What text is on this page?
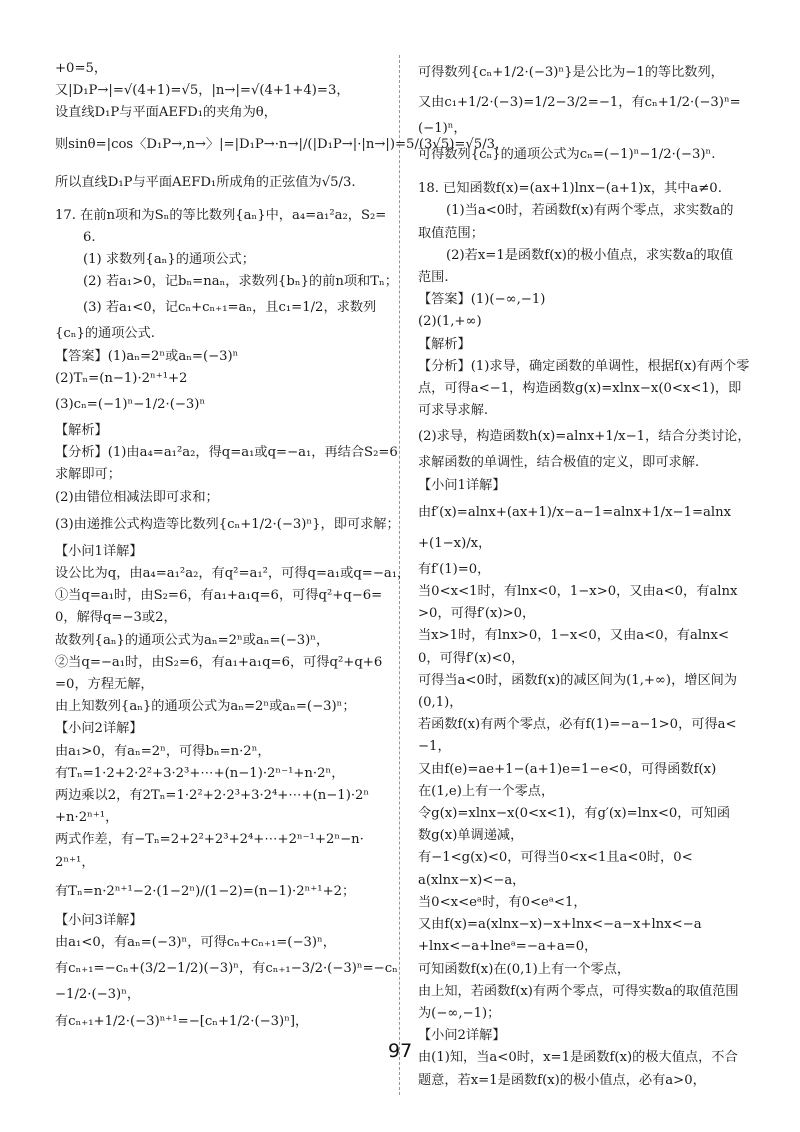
+0=5，
又|D₁P→|=√(4+1)=√5，|n→|=√(4+1+4)=3，
设直线D₁P与平面AEFD₁的夹角为θ，
则sinθ=|cos〈D₁P→,n→〉|=|D₁P→·n→|/(|D₁P→|·|n→|)=5/(3√5)=√5/3，
所以直线D₁P与平面AEFD₁所成角的正弦值为√5/3.
17. 在前n项和为Sₙ的等比数列{aₙ}中，a₄=a₁²a₂，S₂=
6.
(1) 求数列{aₙ}的通项公式；
(2) 若a₁>0，记bₙ=naₙ，求数列{bₙ}的前n项和Tₙ；
(3) 若a₁<0，记cₙ+cₙ₊₁=aₙ，且c₁=1/2，求数列
{cₙ}的通项公式.
【答案】(1)aₙ=2ⁿ或aₙ=(−3)ⁿ
(2)Tₙ=(n−1)·2ⁿ⁺¹+2
(3)cₙ=(−1)ⁿ−1/2·(−3)ⁿ
【解析】
【分析】(1)由a₄=a₁²a₂，得q=a₁或q=−a₁，再结合S₂=6
求解即可；
(2)由错位相减法即可求和；
(3)由递推公式构造等比数列{cₙ+1/2·(−3)ⁿ}，即可求解；
【小问1详解】
设公比为q，由a₄=a₁²a₂，有q²=a₁²，可得q=a₁或q=−a₁，
①当q=a₁时，由S₂=6，有a₁+a₁q=6，可得q²+q−6=
0，解得q=−3或2，
故数列{aₙ}的通项公式为aₙ=2ⁿ或aₙ=(−3)ⁿ，
②当q=−a₁时，由S₂=6，有a₁+a₁q=6，可得q²+q+6
=0，方程无解，
由上知数列{aₙ}的通项公式为aₙ=2ⁿ或aₙ=(−3)ⁿ；
【小问2详解】
由a₁>0，有aₙ=2ⁿ，可得bₙ=n·2ⁿ，
有Tₙ=1·2+2·2²+3·2³+⋯+(n−1)·2ⁿ⁻¹+n·2ⁿ，
两边乘以2，有2Tₙ=1·2²+2·2³+3·2⁴+⋯+(n−1)·2ⁿ
+n·2ⁿ⁺¹，
两式作差，有−Tₙ=2+2²+2³+2⁴+⋯+2ⁿ⁻¹+2ⁿ−n·
2ⁿ⁺¹，
有Tₙ=n·2ⁿ⁺¹−2·(1−2ⁿ)/(1−2)=(n−1)·2ⁿ⁺¹+2；
【小问3详解】
由a₁<0，有aₙ=(−3)ⁿ，可得cₙ+cₙ₊₁=(−3)ⁿ，
有cₙ₊₁=−cₙ+(3/2−1/2)(−3)ⁿ，有cₙ₊₁−3/2·(−3)ⁿ=−cₙ
−1/2·(−3)ⁿ，
有cₙ₊₁+1/2·(−3)ⁿ⁺¹=−[cₙ+1/2·(−3)ⁿ]，
可得数列{cₙ+1/2·(−3)ⁿ}是公比为−1的等比数列，
又由c₁+1/2·(−3)=1/2−3/2=−1，有cₙ+1/2·(−3)ⁿ=
(−1)ⁿ，
可得数列{cₙ}的通项公式为cₙ=(−1)ⁿ−1/2·(−3)ⁿ.
18. 已知函数f(x)=(ax+1)lnx−(a+1)x，其中a≠0.
(1)当a<0时，若函数f(x)有两个零点，求实数a的
取值范围；
(2)若x=1是函数f(x)的极小值点，求实数a的取值
范围.
【答案】(1)(−∞,−1)
(2)(1,+∞)
【解析】
【分析】(1)求导，确定函数的单调性，根据f(x)有两个零
点，可得a<−1，构造函数g(x)=xlnx−x(0<x<1)，即
可求导求解.
(2)求导，构造函数h(x)=alnx+1/x−1，结合分类讨论，
求解函数的单调性，结合极值的定义，即可求解.
【小问1详解】
由f′(x)=alnx+(ax+1)/x−a−1=alnx+1/x−1=alnx
+(1−x)/x，
有f′(1)=0，
当0<x<1时，有lnx<0，1−x>0，又由a<0，有alnx
>0，可得f′(x)>0，
当x>1时，有lnx>0，1−x<0，又由a<0，有alnx<
0，可得f′(x)<0，
可得当a<0时，函数f(x)的减区间为(1,+∞)，增区间为
(0,1)，
若函数f(x)有两个零点，必有f(1)=−a−1>0，可得a<
−1，
又由f(e)=ae+1−(a+1)e=1−e<0，可得函数f(x)
在(1,e)上有一个零点，
令g(x)=xlnx−x(0<x<1)，有g′(x)=lnx<0，可知函
数g(x)单调递减，
有−1<g(x)<0，可得当0<x<1且a<0时，0<
a(xlnx−x)<−a，
当0<x<eᵃ时，有0<eᵃ<1，
又由f(x)=a(xlnx−x)−x+lnx<−a−x+lnx<−a
+lnx<−a+lneᵃ=−a+a=0，
可知函数f(x)在(0,1)上有一个零点，
由上知，若函数f(x)有两个零点，可得实数a的取值范围
为(−∞,−1)；
【小问2详解】
由(1)知，当a<0时，x=1是函数f(x)的极大值点，不合
题意，若x=1是函数f(x)的极小值点，必有a>0，
97
